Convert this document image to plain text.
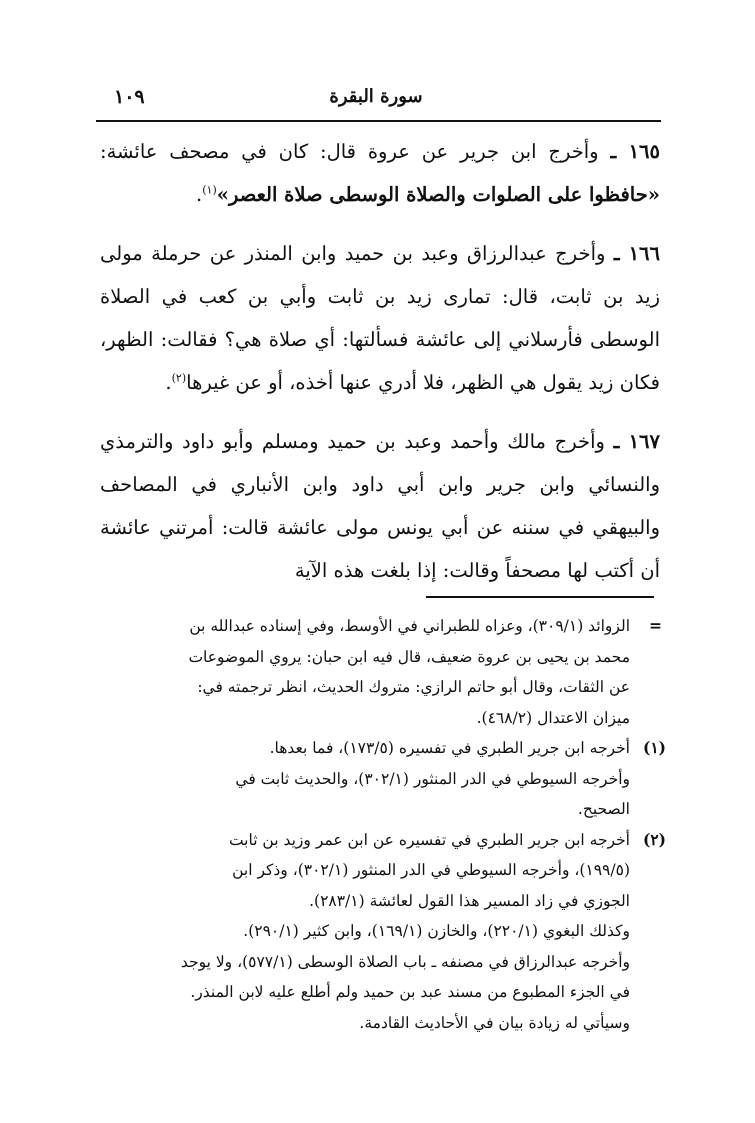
١٠٩	سورة البقرة

١٦٥ ـ وأخرج ابن جرير عن عروة قال: كان في مصحف عائشة: «حافظوا على الصلوات والصلاة الوسطى صلاة العصر»$^{(١)}$.

١٦٦ ـ وأخرج عبدالرزاق وعبد بن حميد وابن المنذر عن حرملة مولى زيد بن ثابت، قال: تمارى زيد بن ثابت وأبي بن كعب في الصلاة الوسطى فأرسلاني إلى عائشة فسألتها: أي صلاة هي؟ فقالت: الظهر، فكان زيد يقول هي الظهر، فلا أدري عنها أخذه، أو عن غيرها$^{(٢)}$.

١٦٧ ـ وأخرج مالك وأحمد وعبد بن حميد ومسلم وأبو داود والترمذي والنسائي وابن جرير وابن أبي داود وابن الأنباري في المصاحف والبيهقي في سننه عن أبي يونس مولى عائشة قالت: أمرتني عائشة أن أكتب لها مصحفاً وقالت: إذا بلغت هذه الآية

=
الزوائد (٣٠٩/١)، وعزاه للطبراني في الأوسط، وفي إسناده عبدالله بن
محمد بن يحيى بن عروة ضعيف، قال فيه ابن حبان: يروي الموضوعات
عن الثقات، وقال أبو حاتم الرازي: متروك الحديث، انظر ترجمته في:
ميزان الاعتدال (٤٦٨/٢).
(١)
أخرجه ابن جرير الطبري في تفسيره (١٧٣/٥)، فما بعدها.
وأخرجه السيوطي في الدر المنثور (٣٠٢/١)، والحديث ثابت في
الصحيح.
(٢)
أخرجه ابن جرير الطبري في تفسيره عن ابن عمر وزيد بن ثابت
(١٩٩/٥)، وأخرجه السيوطي في الدر المنثور (٣٠٢/١)، وذكر ابن
الجوزي في زاد المسير هذا القول لعائشة (٢٨٣/١).
وكذلك البغوي (٢٢٠/١)، والخازن (١٦٩/١)، وابن كثير (٢٩٠/١).
وأخرجه عبدالرزاق في مصنفه ـ باب الصلاة الوسطى (٥٧٧/١)، ولا يوجد
في الجزء المطبوع من مسند عبد بن حميد ولم أطلع عليه لابن المنذر.
وسيأتي له زيادة بيان في الأحاديث القادمة.
